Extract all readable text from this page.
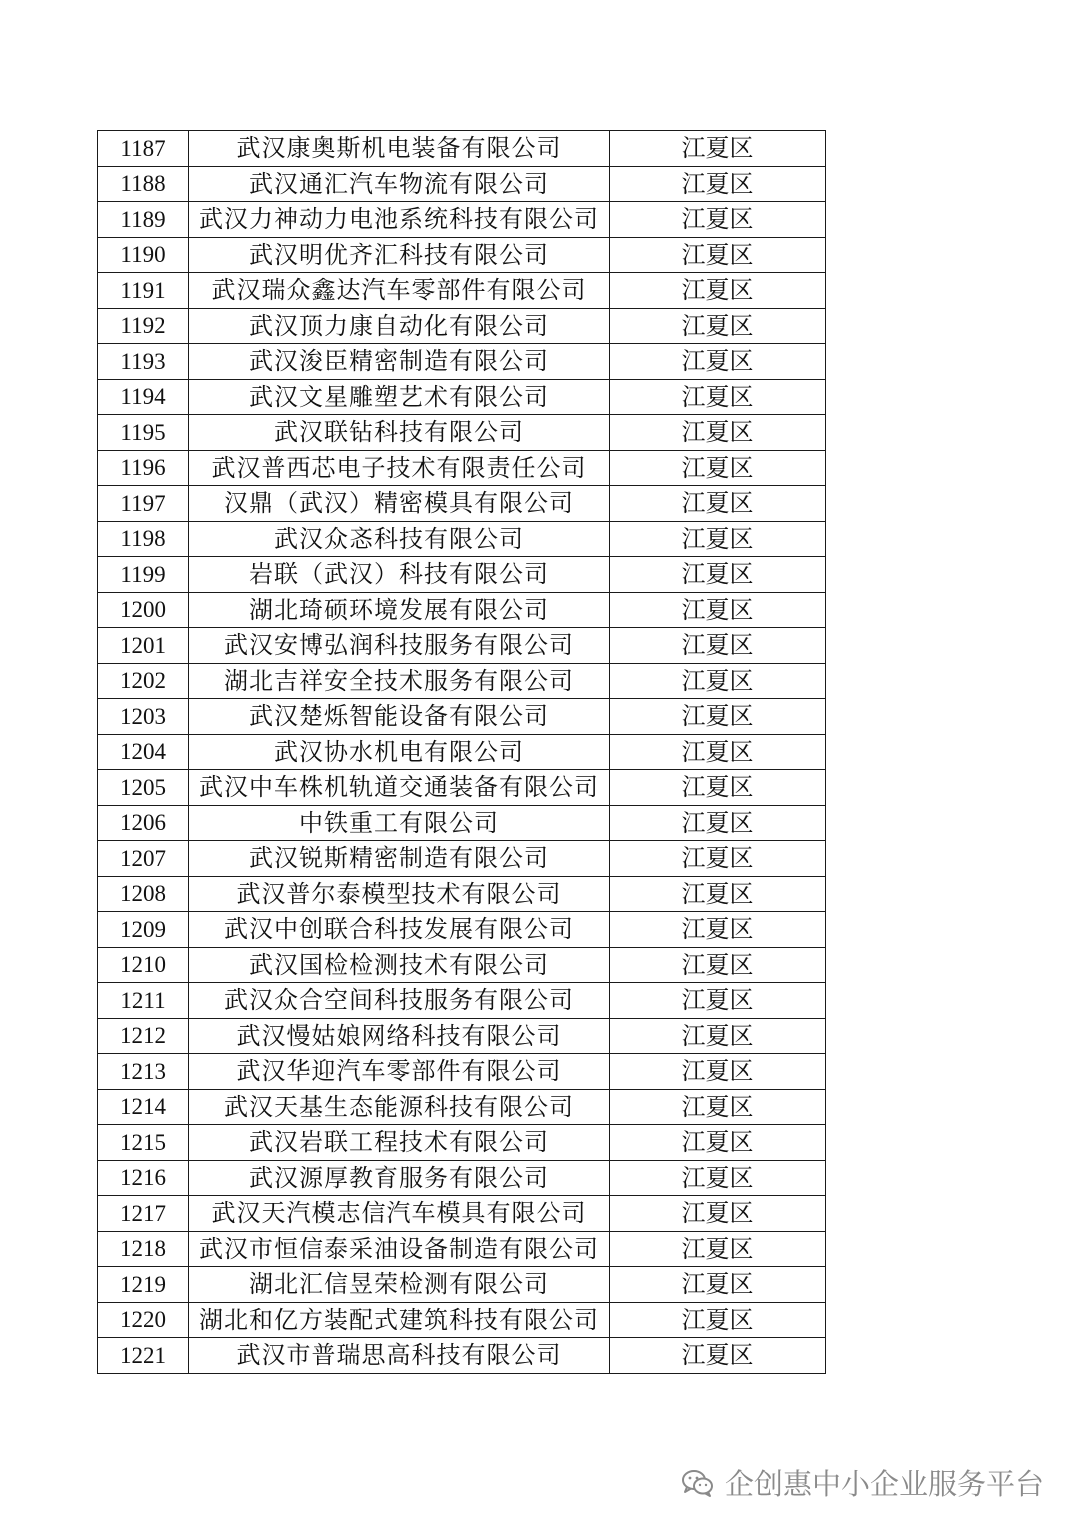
1187	武汉康奥斯机电装备有限公司	江夏区
1188	武汉通汇汽车物流有限公司	江夏区
1189	武汉力神动力电池系统科技有限公司	江夏区
1190	武汉明优齐汇科技有限公司	江夏区
1191	武汉瑞众鑫达汽车零部件有限公司	江夏区
1192	武汉顶力康自动化有限公司	江夏区
1193	武汉浚臣精密制造有限公司	江夏区
1194	武汉文星雕塑艺术有限公司	江夏区
1195	武汉联钻科技有限公司	江夏区
1196	武汉普西芯电子技术有限责任公司	江夏区
1197	汉鼎（武汉）精密模具有限公司	江夏区
1198	武汉众忞科技有限公司	江夏区
1199	岩联（武汉）科技有限公司	江夏区
1200	湖北琦硕环境发展有限公司	江夏区
1201	武汉安博弘润科技服务有限公司	江夏区
1202	湖北吉祥安全技术服务有限公司	江夏区
1203	武汉楚烁智能设备有限公司	江夏区
1204	武汉协水机电有限公司	江夏区
1205	武汉中车株机轨道交通装备有限公司	江夏区
1206	中铁重工有限公司	江夏区
1207	武汉锐斯精密制造有限公司	江夏区
1208	武汉普尔泰模型技术有限公司	江夏区
1209	武汉中创联合科技发展有限公司	江夏区
1210	武汉国检检测技术有限公司	江夏区
1211	武汉众合空间科技服务有限公司	江夏区
1212	武汉慢姑娘网络科技有限公司	江夏区
1213	武汉华迎汽车零部件有限公司	江夏区
1214	武汉天基生态能源科技有限公司	江夏区
1215	武汉岩联工程技术有限公司	江夏区
1216	武汉源厚教育服务有限公司	江夏区
1217	武汉天汽模志信汽车模具有限公司	江夏区
1218	武汉市恒信泰采油设备制造有限公司	江夏区
1219	湖北汇信昱荣检测有限公司	江夏区
1220	湖北和亿方装配式建筑科技有限公司	江夏区
1221	武汉市普瑞思高科技有限公司	江夏区
企创惠中小企业服务平台
